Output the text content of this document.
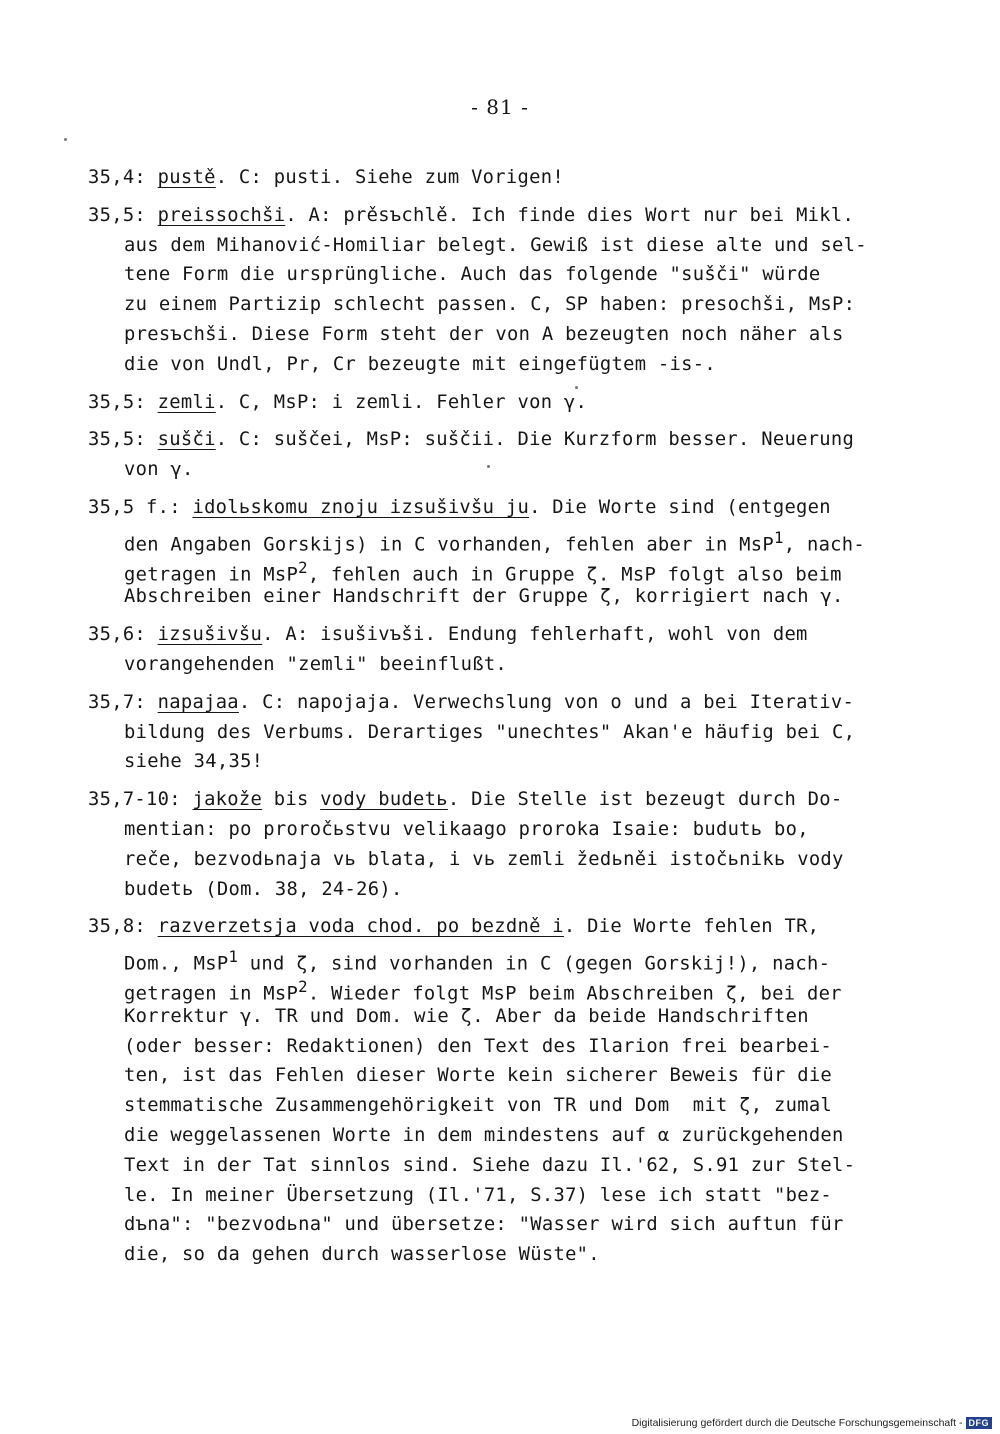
- 81 -
35,4: pustě. C: pusti. Siehe zum Vorigen!
35,5: preissochši. A: prěsъchlě. Ich finde dies Wort nur bei Mikl.
aus dem Mihanović-Homiliar belegt. Gewiß ist diese alte und sel-
tene Form die ursprüngliche. Auch das folgende "sušči" würde
zu einem Partizip schlecht passen. C, SP haben: presochši, MsP:
presъchši. Diese Form steht der von A bezeugten noch näher als
die von Undl, Pr, Cr bezeugte mit eingefügtem -is-.
35,5: zemli. C, MsP: i zemli. Fehler von γ.
35,5: sušči. C: suščei, MsP: suščii. Die Kurzform besser. Neuerung
von γ.
35,5 f.: idolьskomu znoju izsušivšu ju. Die Worte sind (entgegen
den Angaben Gorskijs) in C vorhanden, fehlen aber in MsP$^1$, nach-
getragen in MsP$^2$, fehlen auch in Gruppe ζ. MsP folgt also beim
Abschreiben einer Handschrift der Gruppe ζ, korrigiert nach γ.
35,6: izsušivšu. A: isušivъši. Endung fehlerhaft, wohl von dem
vorangehenden "zemli" beeinflußt.
35,7: napajaa. C: napojaja. Verwechslung von o und a bei Iterativ-
bildung des Verbums. Derartiges "unechtes" Akan'e häufig bei C,
siehe 34,35!
35,7-10: jakože bis vody budetь. Die Stelle ist bezeugt durch Do-
mentian: po proročьstvu velikaago proroka Isaie: budutь bo,
reče, bezvodьnaja vь blata, i vь zemli žedьněi istočьnikь vody
budetь (Dom. 38, 24-26).
35,8: razverzetsja voda chod. po bezdně i. Die Worte fehlen TR,
Dom., MsP$^1$ und ζ, sind vorhanden in C (gegen Gorskij!), nach-
getragen in MsP$^2$. Wieder folgt MsP beim Abschreiben ζ, bei der
Korrektur γ. TR und Dom. wie ζ. Aber da beide Handschriften
(oder besser: Redaktionen) den Text des Ilarion frei bearbei-
ten, ist das Fehlen dieser Worte kein sicherer Beweis für die
stemmatische Zusammengehörigkeit von TR und Dom  mit ζ, zumal
die weggelassenen Worte in dem mindestens auf α zurückgehenden
Text in der Tat sinnlos sind. Siehe dazu Il.'62, S.91 zur Stel-
le. In meiner Übersetzung (Il.'71, S.37) lese ich statt "bez-
dъna": "bezvodьna" und übersetze: "Wasser wird sich auftun für
die, so da gehen durch wasserlose Wüste".
Digitalisierung gefördert durch die Deutsche Forschungsgemeinschaft - DFG
